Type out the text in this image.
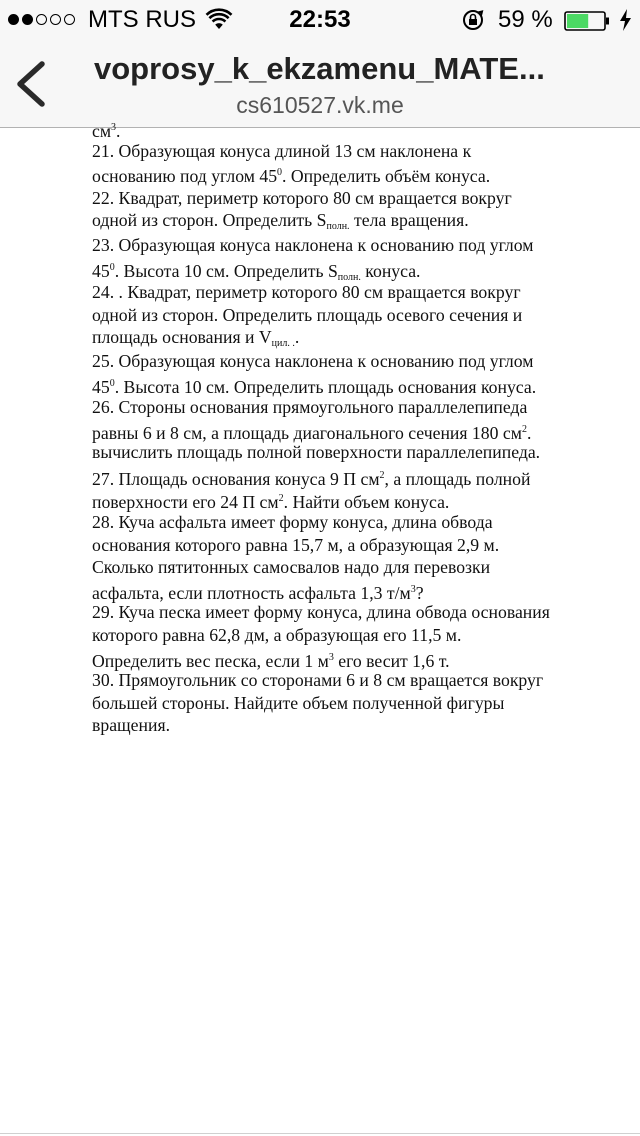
MTS RUS	22:53	59 %
voprosy_k_ekzamenu_MATE...
cs610527.vk.me
$см^3$.
21. Образующая конуса длиной 13 см наклонена к
основанию под углом $45^0$. Определить объём конуса.
22. Квадрат, периметр которого 80 см вращается вокруг
одной из сторон. Определить $S_{полн.}$ тела вращения.
23. Образующая конуса наклонена к основанию под углом
$45^0$. Высота 10 см. Определить $S_{полн.}$ конуса.
24. . Квадрат, периметр которого 80 см вращается вокруг
одной из сторон. Определить площадь осевого сечения и
площадь основания и $V_{цил. .}$.
25. Образующая конуса наклонена к основанию под углом
$45^0$. Высота 10 см. Определить площадь основания конуса.
26. Стороны основания прямоугольного параллелепипеда
равны 6 и 8 см, а площадь диагонального сечения 180 $см^2$.
вычислить площадь полной поверхности параллелепипеда.
27. Площадь основания конуса 9 П $см^2$, а площадь полной
поверхности его 24 П $см^2$. Найти объем конуса.
28. Куча асфальта имеет форму конуса, длина обвода
основания которого равна 15,7 м, а образующая 2,9 м.
Сколько пятитонных самосвалов надо для перевозки
асфальта, если плотность асфальта 1,3 $т/м^3$?
29. Куча песка имеет форму конуса, длина обвода основания
которого равна 62,8 дм, а образующая его 11,5 м.
Определить вес песка, если 1 $м^3$ его весит 1,6 т.
30. Прямоугольник со сторонами 6 и 8 см вращается вокруг
большей стороны. Найдите объем полученной фигуры
вращения.
